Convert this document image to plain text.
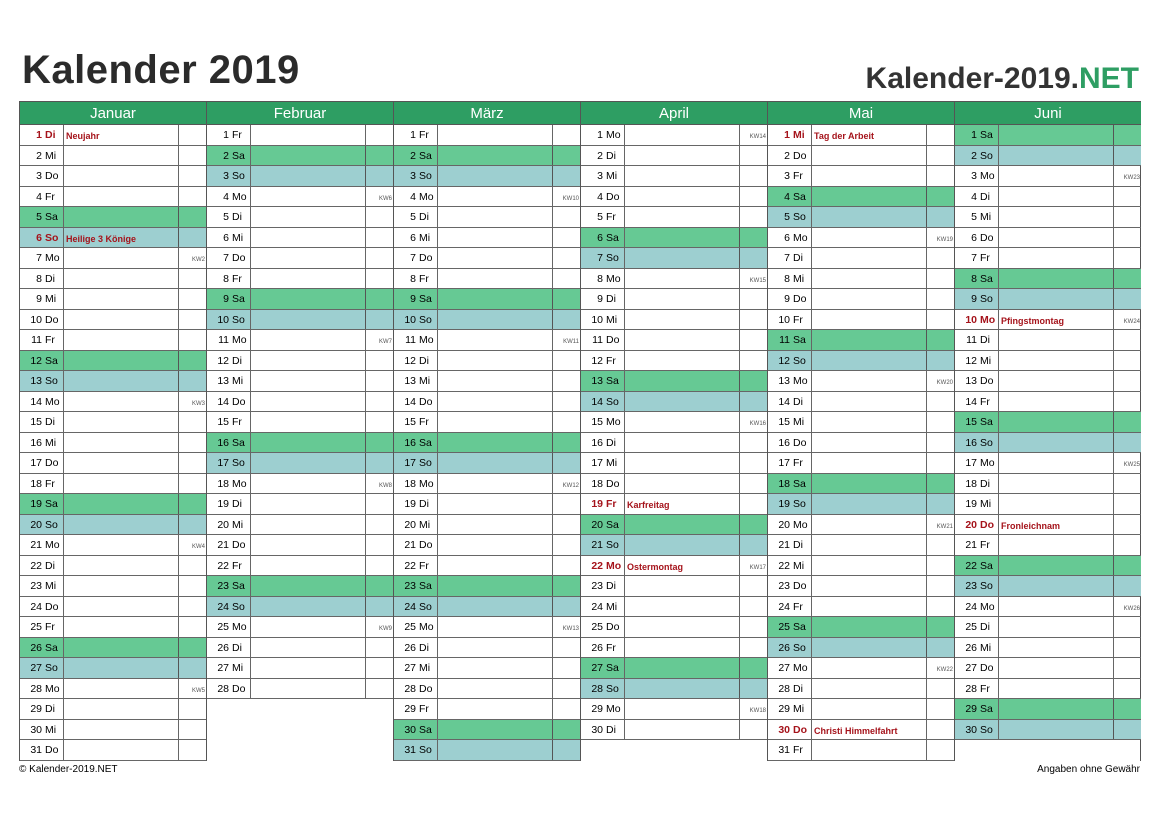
Kalender 2019	Kalender-2019.NET
Januar
1 Di Neujahr
2 Mi
3 Do
4 Fr
5 Sa
6 So Heilige 3 Könige
7 Mo	KW2
8 Di
9 Mi
10 Do
11 Fr
12 Sa
13 So
14 Mo	KW3
15 Di
16 Mi
17 Do
18 Fr
19 Sa
20 So
21 Mo	KW4
22 Di
23 Mi
24 Do
25 Fr
26 Sa
27 So
28 Mo	KW5
29 Di
30 Mi
31 Do
Februar
1 Fr
2 Sa
3 So
4 Mo	KW6
5 Di
6 Mi
7 Do
8 Fr
9 Sa
10 So
11 Mo	KW7
12 Di
13 Mi
14 Do
15 Fr
16 Sa
17 So
18 Mo	KW8
19 Di
20 Mi
21 Do
22 Fr
23 Sa
24 So
25 Mo	KW9
26 Di
27 Mi
28 Do
März
1 Fr
2 Sa
3 So
4 Mo	KW10
5 Di
6 Mi
7 Do
8 Fr
9 Sa
10 So
11 Mo	KW11
12 Di
13 Mi
14 Do
15 Fr
16 Sa
17 So
18 Mo	KW12
19 Di
20 Mi
21 Do
22 Fr
23 Sa
24 So
25 Mo	KW13
26 Di
27 Mi
28 Do
29 Fr
30 Sa
31 So
April
1 Mo	KW14
2 Di
3 Mi
4 Do
5 Fr
6 Sa
7 So
8 Mo	KW15
9 Di
10 Mi
11 Do
12 Fr
13 Sa
14 So
15 Mo	KW16
16 Di
17 Mi
18 Do
19 Fr Karfreitag
20 Sa
21 So
22 Mo Ostermontag	KW17
23 Di
24 Mi
25 Do
26 Fr
27 Sa
28 So
29 Mo	KW18
30 Di
Mai
1 Mi Tag der Arbeit
2 Do
3 Fr
4 Sa
5 So
6 Mo	KW19
7 Di
8 Mi
9 Do
10 Fr
11 Sa
12 So
13 Mo	KW20
14 Di
15 Mi
16 Do
17 Fr
18 Sa
19 So
20 Mo	KW21
21 Di
22 Mi
23 Do
24 Fr
25 Sa
26 So
27 Mo	KW22
28 Di
29 Mi
30 Do Christi Himmelfahrt
31 Fr
Juni
1 Sa
2 So
3 Mo	KW23
4 Di
5 Mi
6 Do
7 Fr
8 Sa
9 So
10 Mo Pfingstmontag	KW24
11 Di
12 Mi
13 Do
14 Fr
15 Sa
16 So
17 Mo	KW25
18 Di
19 Mi
20 Do Fronleichnam
21 Fr
22 Sa
23 So
24 Mo	KW26
25 Di
26 Mi
27 Do
28 Fr
29 Sa
30 So
© Kalender-2019.NET	Angaben ohne Gewähr
